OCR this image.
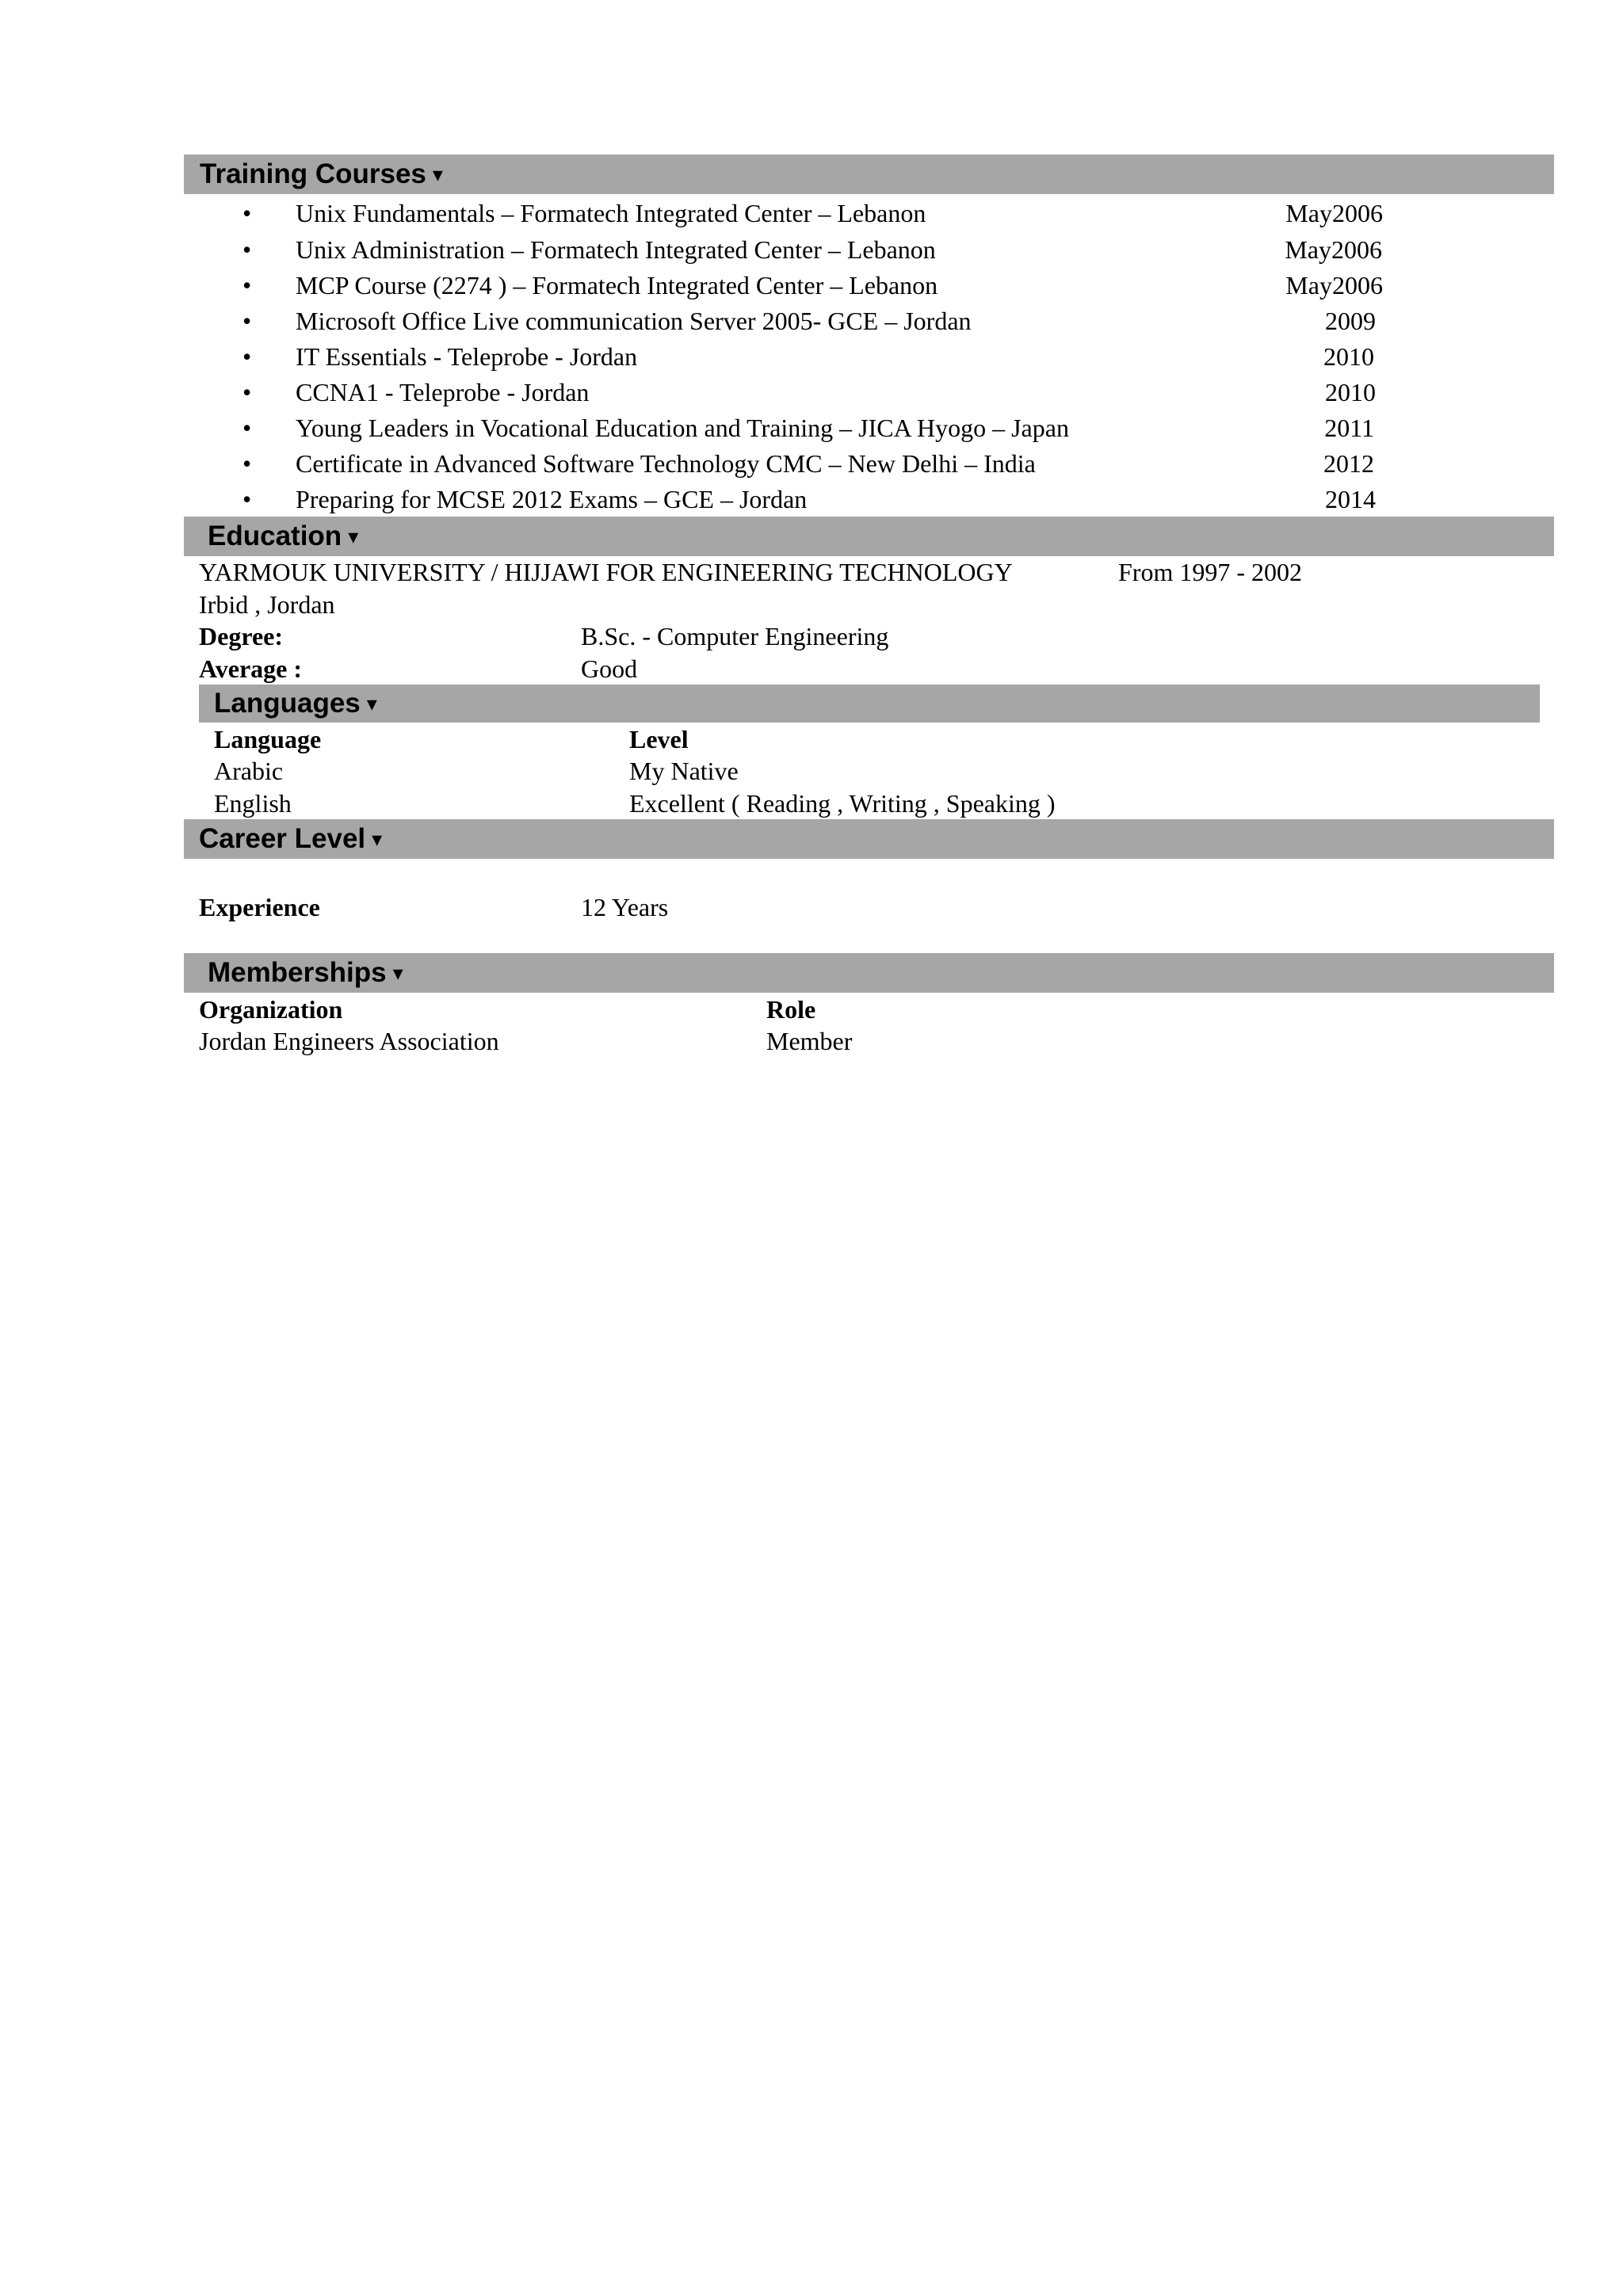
Training Courses ▾
• Unix Fundamentals – Formatech Integrated Center – Lebanon	May2006
• Unix Administration – Formatech Integrated Center – Lebanon	May2006
• MCP Course (2274 ) – Formatech Integrated Center – Lebanon	May2006
• Microsoft Office Live communication Server 2005- GCE – Jordan	2009
• IT Essentials - Teleprobe - Jordan	2010
• CCNA1 - Teleprobe - Jordan	2010
• Young Leaders in Vocational Education and Training – JICA Hyogo – Japan	2011
• Certificate in Advanced Software Technology CMC – New Delhi – India	2012
• Preparing for MCSE 2012 Exams – GCE – Jordan	2014
Education ▾
YARMOUK UNIVERSITY / HIJJAWI FOR ENGINEERING TECHNOLOGY	From 1997 - 2002
Irbid , Jordan
Degree:	B.Sc. - Computer Engineering
Average :	Good
Languages ▾
Language	Level
Arabic	My Native
English	Excellent ( Reading , Writing , Speaking )
Career Level ▾
Experience	12 Years
Memberships ▾
Organization	Role
Jordan Engineers Association	Member
